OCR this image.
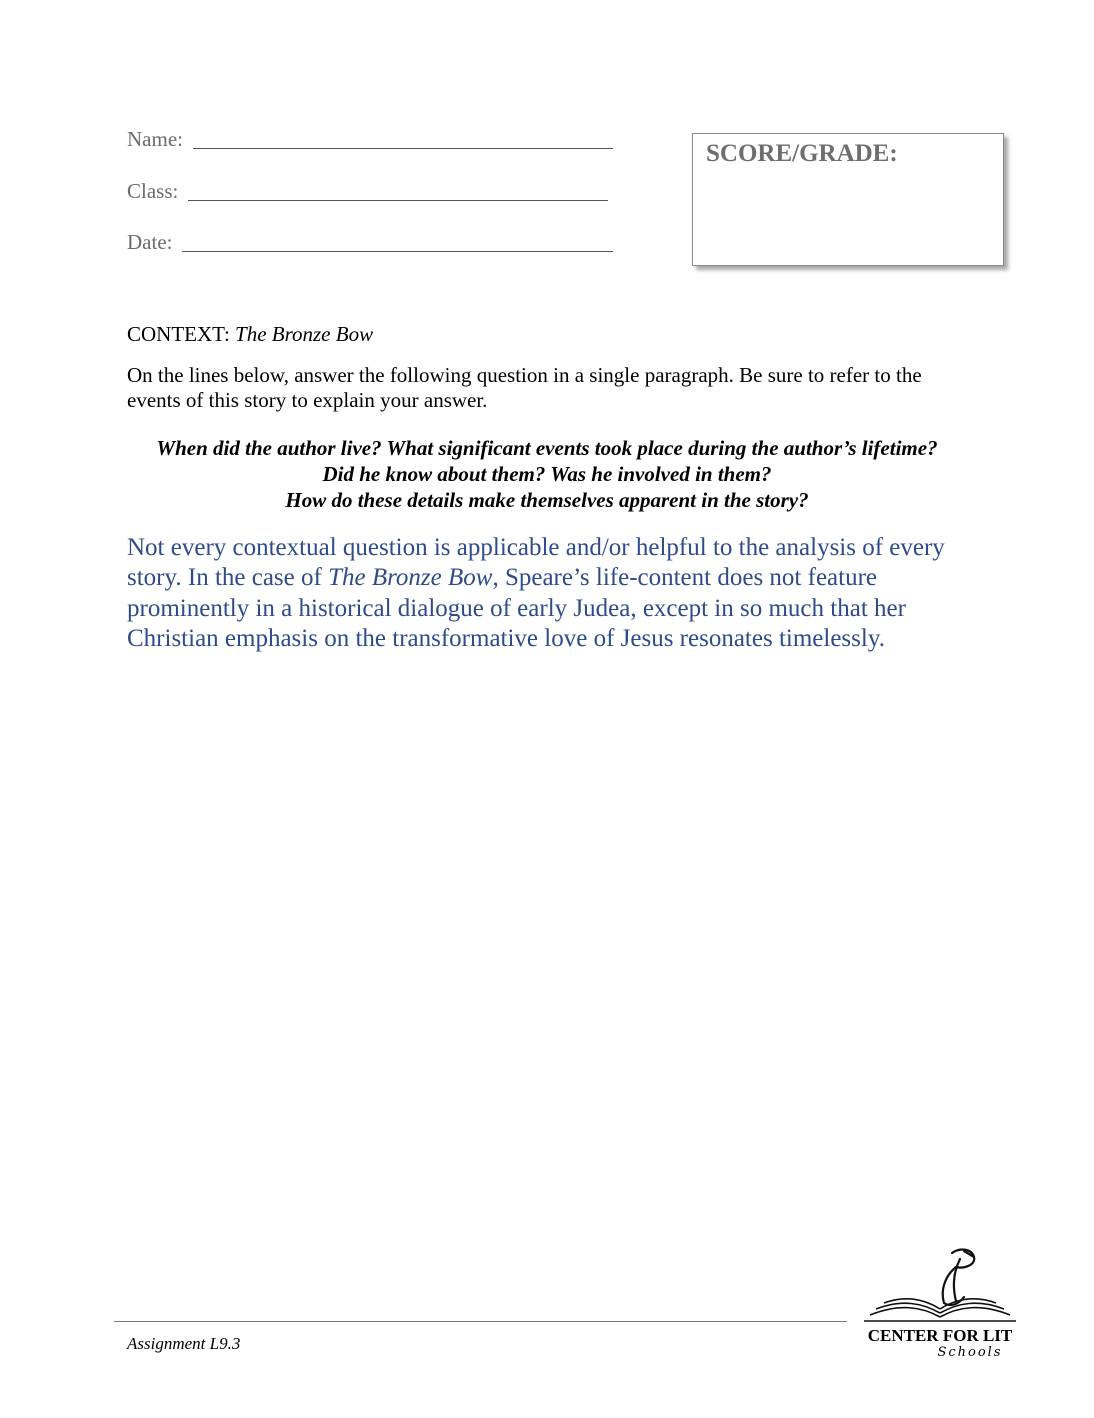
Name:
Class:
Date:
SCORE/GRADE:
CONTEXT: The Bronze Bow
On the lines below, answer the following question in a single paragraph. Be sure to refer to the events of this story to explain your answer.
When did the author live? What significant events took place during the author’s lifetime?
Did he know about them? Was he involved in them?
How do these details make themselves apparent in the story?
Not every contextual question is applicable and/or helpful to the analysis of every story. In the case of The Bronze Bow, Speare’s life-content does not feature prominently in a historical dialogue of early Judea, except in so much that her Christian emphasis on the transformative love of Jesus resonates timelessly.
Assignment L9.3	CENTER FOR LIT
Schools
